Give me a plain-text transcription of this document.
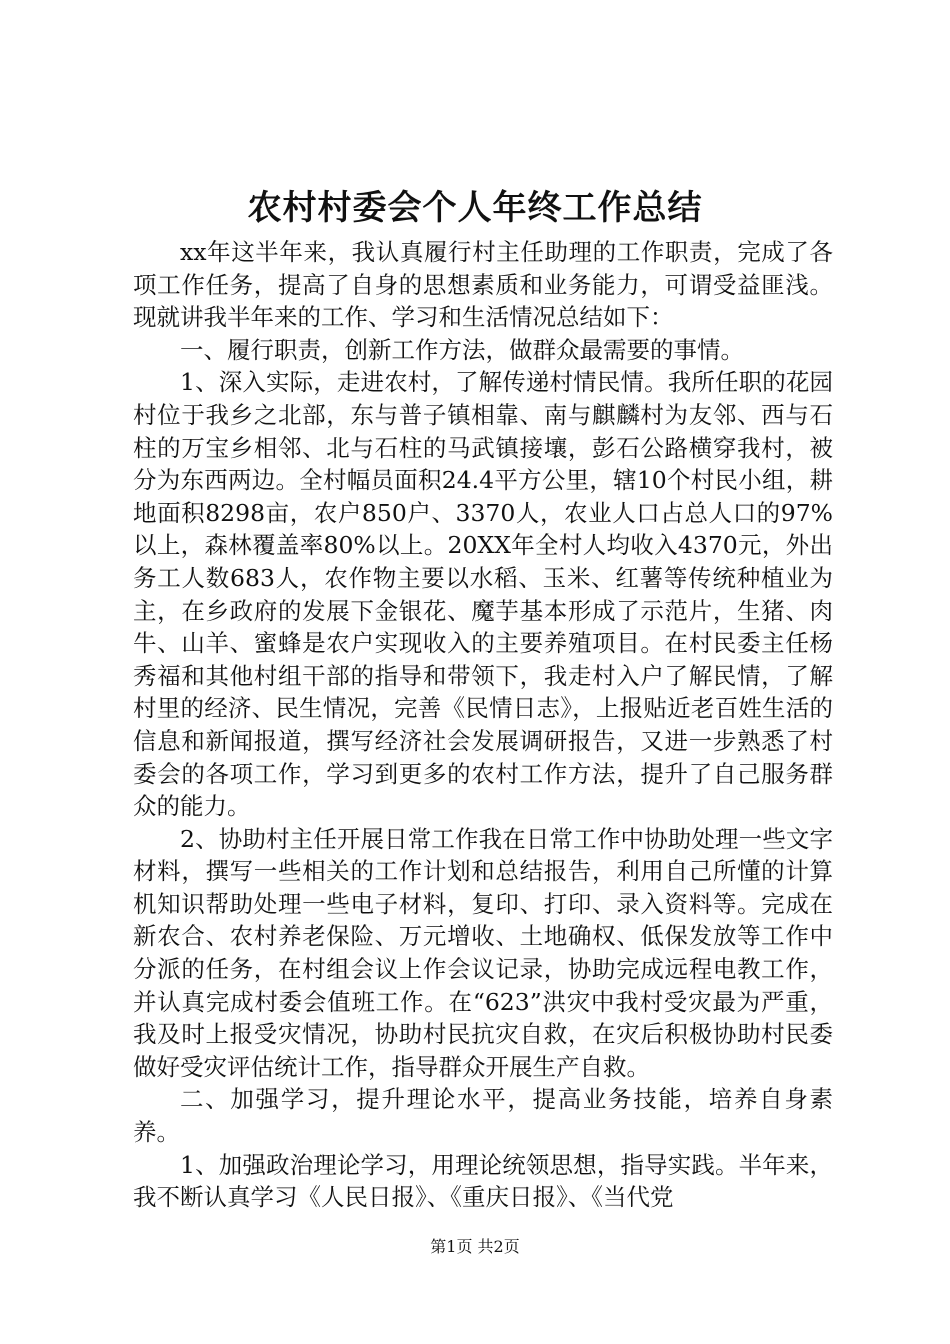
农村村委会个人年终工作总结

xx年这半年来，我认真履行村主任助理的工作职责，完成了各项工作任务，提高了自身的思想素质和业务能力，可谓受益匪浅。现就讲我半年来的工作、学习和生活情况总结如下：

一、履行职责，创新工作方法，做群众最需要的事情。

1、深入实际，走进农村，了解传递村情民情。我所任职的花园村位于我乡之北部，东与普子镇相靠、南与麒麟村为友邻、西与石柱的万宝乡相邻、北与石柱的马武镇接壤，彭石公路横穿我村，被分为东西两边。全村幅员面积24.4平方公里，辖10个村民小组，耕地面积8298亩，农户850户、3370人，农业人口占总人口的97%以上，森林覆盖率80%以上。20XX年全村人均收入4370元，外出务工人数683人，农作物主要以水稻、玉米、红薯等传统种植业为主，在乡政府的发展下金银花、魔芋基本形成了示范片，生猪、肉牛、山羊、蜜蜂是农户实现收入的主要养殖项目。在村民委主任杨秀福和其他村组干部的指导和带领下，我走村入户了解民情，了解村里的经济、民生情况，完善《民情日志》，上报贴近老百姓生活的信息和新闻报道，撰写经济社会发展调研报告，又进一步熟悉了村委会的各项工作，学习到更多的农村工作方法，提升了自己服务群众的能力。

2、协助村主任开展日常工作我在日常工作中协助处理一些文字材料，撰写一些相关的工作计划和总结报告，利用自己所懂的计算机知识帮助处理一些电子材料，复印、打印、录入资料等。完成在新农合、农村养老保险、万元增收、土地确权、低保发放等工作中分派的任务，在村组会议上作会议记录，协助完成远程电教工作，并认真完成村委会值班工作。在“623”洪灾中我村受灾最为严重，我及时上报受灾情况，协助村民抗灾自救，在灾后积极协助村民委做好受灾评估统计工作，指导群众开展生产自救。

二、加强学习，提升理论水平，提高业务技能，培养自身素养。

1、加强政治理论学习，用理论统领思想，指导实践。半年来，我不断认真学习《人民日报》、《重庆日报》、《当代党

第1页 共2页
